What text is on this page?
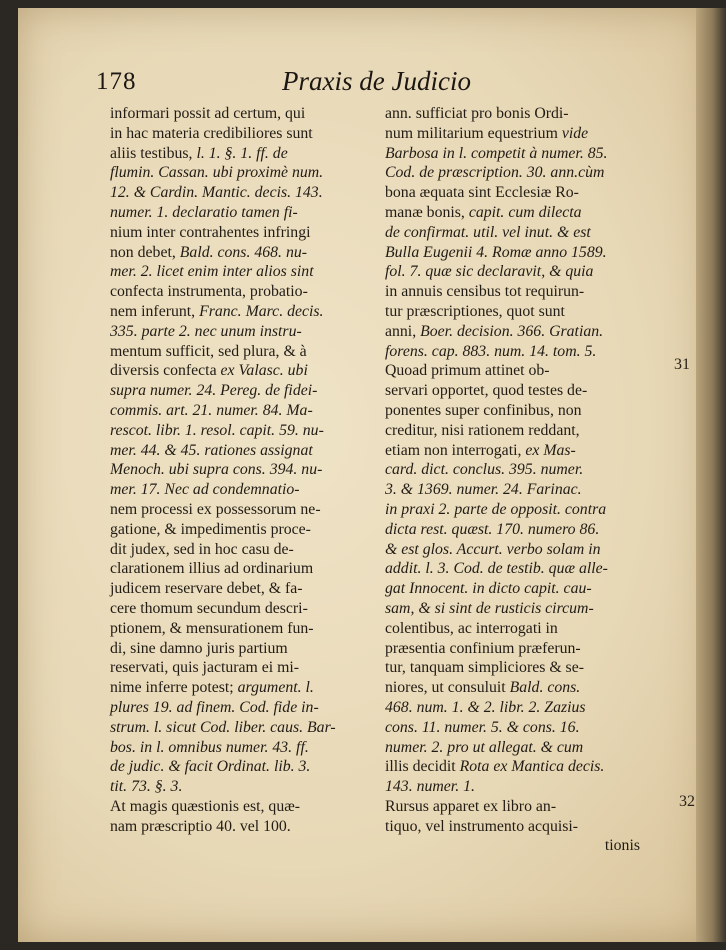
178	Praxis de Judicio
informari possit ad certum, qui
in hac materia credibiliores sunt
aliis testibus, l. 1. §. 1. ff. de
flumin. Cassan. ubi proximè num.
12. & Cardin. Mantic. decis. 143.
numer. 1. declaratio tamen fi-
nium inter contrahentes infringi
non debet, Bald. cons. 468. nu-
mer. 2. licet enim inter alios sint
confecta instrumenta, probatio-
nem inferunt, Franc. Marc. decis.
335. parte 2. nec unum instru-
mentum sufficit, sed plura, & à
diversis confecta ex Valasc. ubi
supra numer. 24. Pereg. de fidei-
commis. art. 21. numer. 84. Ma-
rescot. libr. 1. resol. capit. 59. nu-
mer. 44. & 45. rationes assignat
Menoch. ubi supra cons. 394. nu-
mer. 17. Nec ad condemnatio-
nem processi ex possessorum ne-
gatione, & impedimentis proce-
dit judex, sed in hoc casu de-
clarationem illius ad ordinarium
judicem reservare debet, & fa-
cere thomum secundum descri-
ptionem, & mensurationem fun-
di, sine damno juris partium
reservati, quis jacturam ei mi-
nime inferre potest; argument. l.
plures 19. ad finem. Cod. fide in-
strum. l. sicut Cod. liber. caus. Bar-
bos. in l. omnibus numer. 43. ff.
de judic. & facit Ordinat. lib. 3.
tit. 73. §. 3.
At magis quæstionis est, quæ-
nam præscriptio 40. vel 100.
ann. sufficiat pro bonis Ordi-
num militarium equestrium vide
Barbosa in l. competit à numer. 85.
Cod. de præscription. 30. ann.cùm
bona æquata sint Ecclesiæ Ro-
manæ bonis, capit. cum dilecta
de confirmat. util. vel inut. & est
Bulla Eugenii 4. Romæ anno 1589.
fol. 7. quæ sic declaravit, & quia
in annuis censibus tot requirun-
tur præscriptiones, quot sunt
anni, Boer. decision. 366. Gratian.
forens. cap. 883. num. 14. tom. 5.
Quoad primum attinet ob-
servari opportet, quod testes de-
ponentes super confinibus, non
creditur, nisi rationem reddant,
etiam non interrogati, ex Mas-
card. dict. conclus. 395. numer.
3. & 1369. numer. 24. Farinac.
in praxi 2. parte de opposit. contra
dicta rest. quæst. 170. numero 86.
& est glos. Accurt. verbo solam in
addit. l. 3. Cod. de testib. quæ alle-
gat Innocent. in dicto capit. cau-
sam, & si sint de rusticis circum-
colentibus, ac interrogati in
præsentia confinium præferun-
tur, tanquam simpliciores & se-
niores, ut consuluit Bald. cons.
468. num. 1. & 2. libr. 2. Zazius
cons. 11. numer. 5. & cons. 16.
numer. 2. pro ut allegat. & cum
illis decidit Rota ex Mantica decis.
143. numer. 1.
Rursus apparet ex libro an-
tiquo, vel instrumento acquisi-
tionis
31
32
